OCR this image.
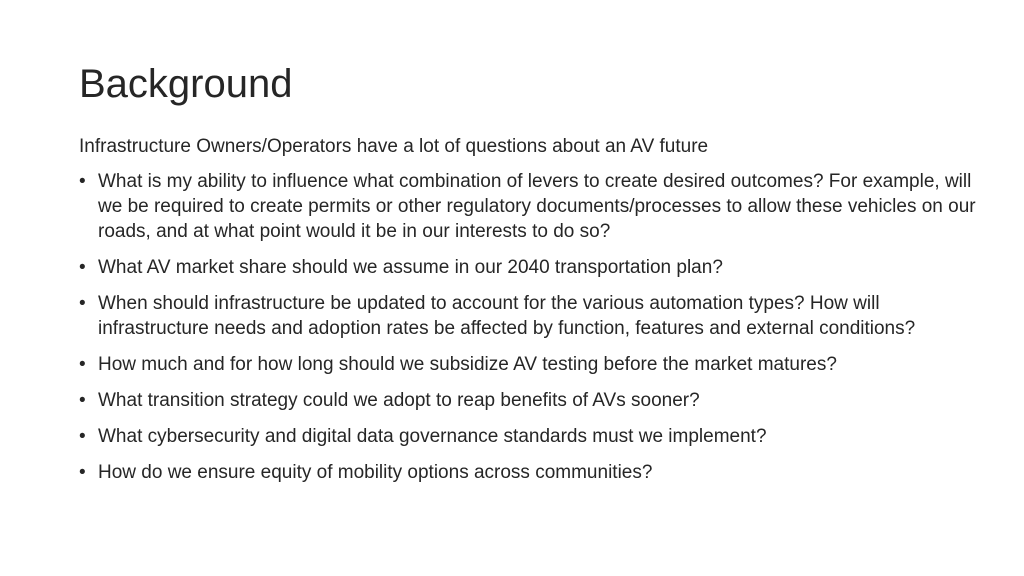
Background

Infrastructure Owners/Operators have a lot of questions about an AV future

• What is my ability to influence what combination of levers to create desired outcomes? For example, will we be required to create permits or other regulatory documents/processes to allow these vehicles on our roads, and at what point would it be in our interests to do so?
• What AV market share should we assume in our 2040 transportation plan?
• When should infrastructure be updated to account for the various automation types? How will infrastructure needs and adoption rates be affected by function, features and external conditions?
• How much and for how long should we subsidize AV testing before the market matures?
• What transition strategy could we adopt to reap benefits of AVs sooner?
• What cybersecurity and digital data governance standards must we implement?
• How do we ensure equity of mobility options across communities?
